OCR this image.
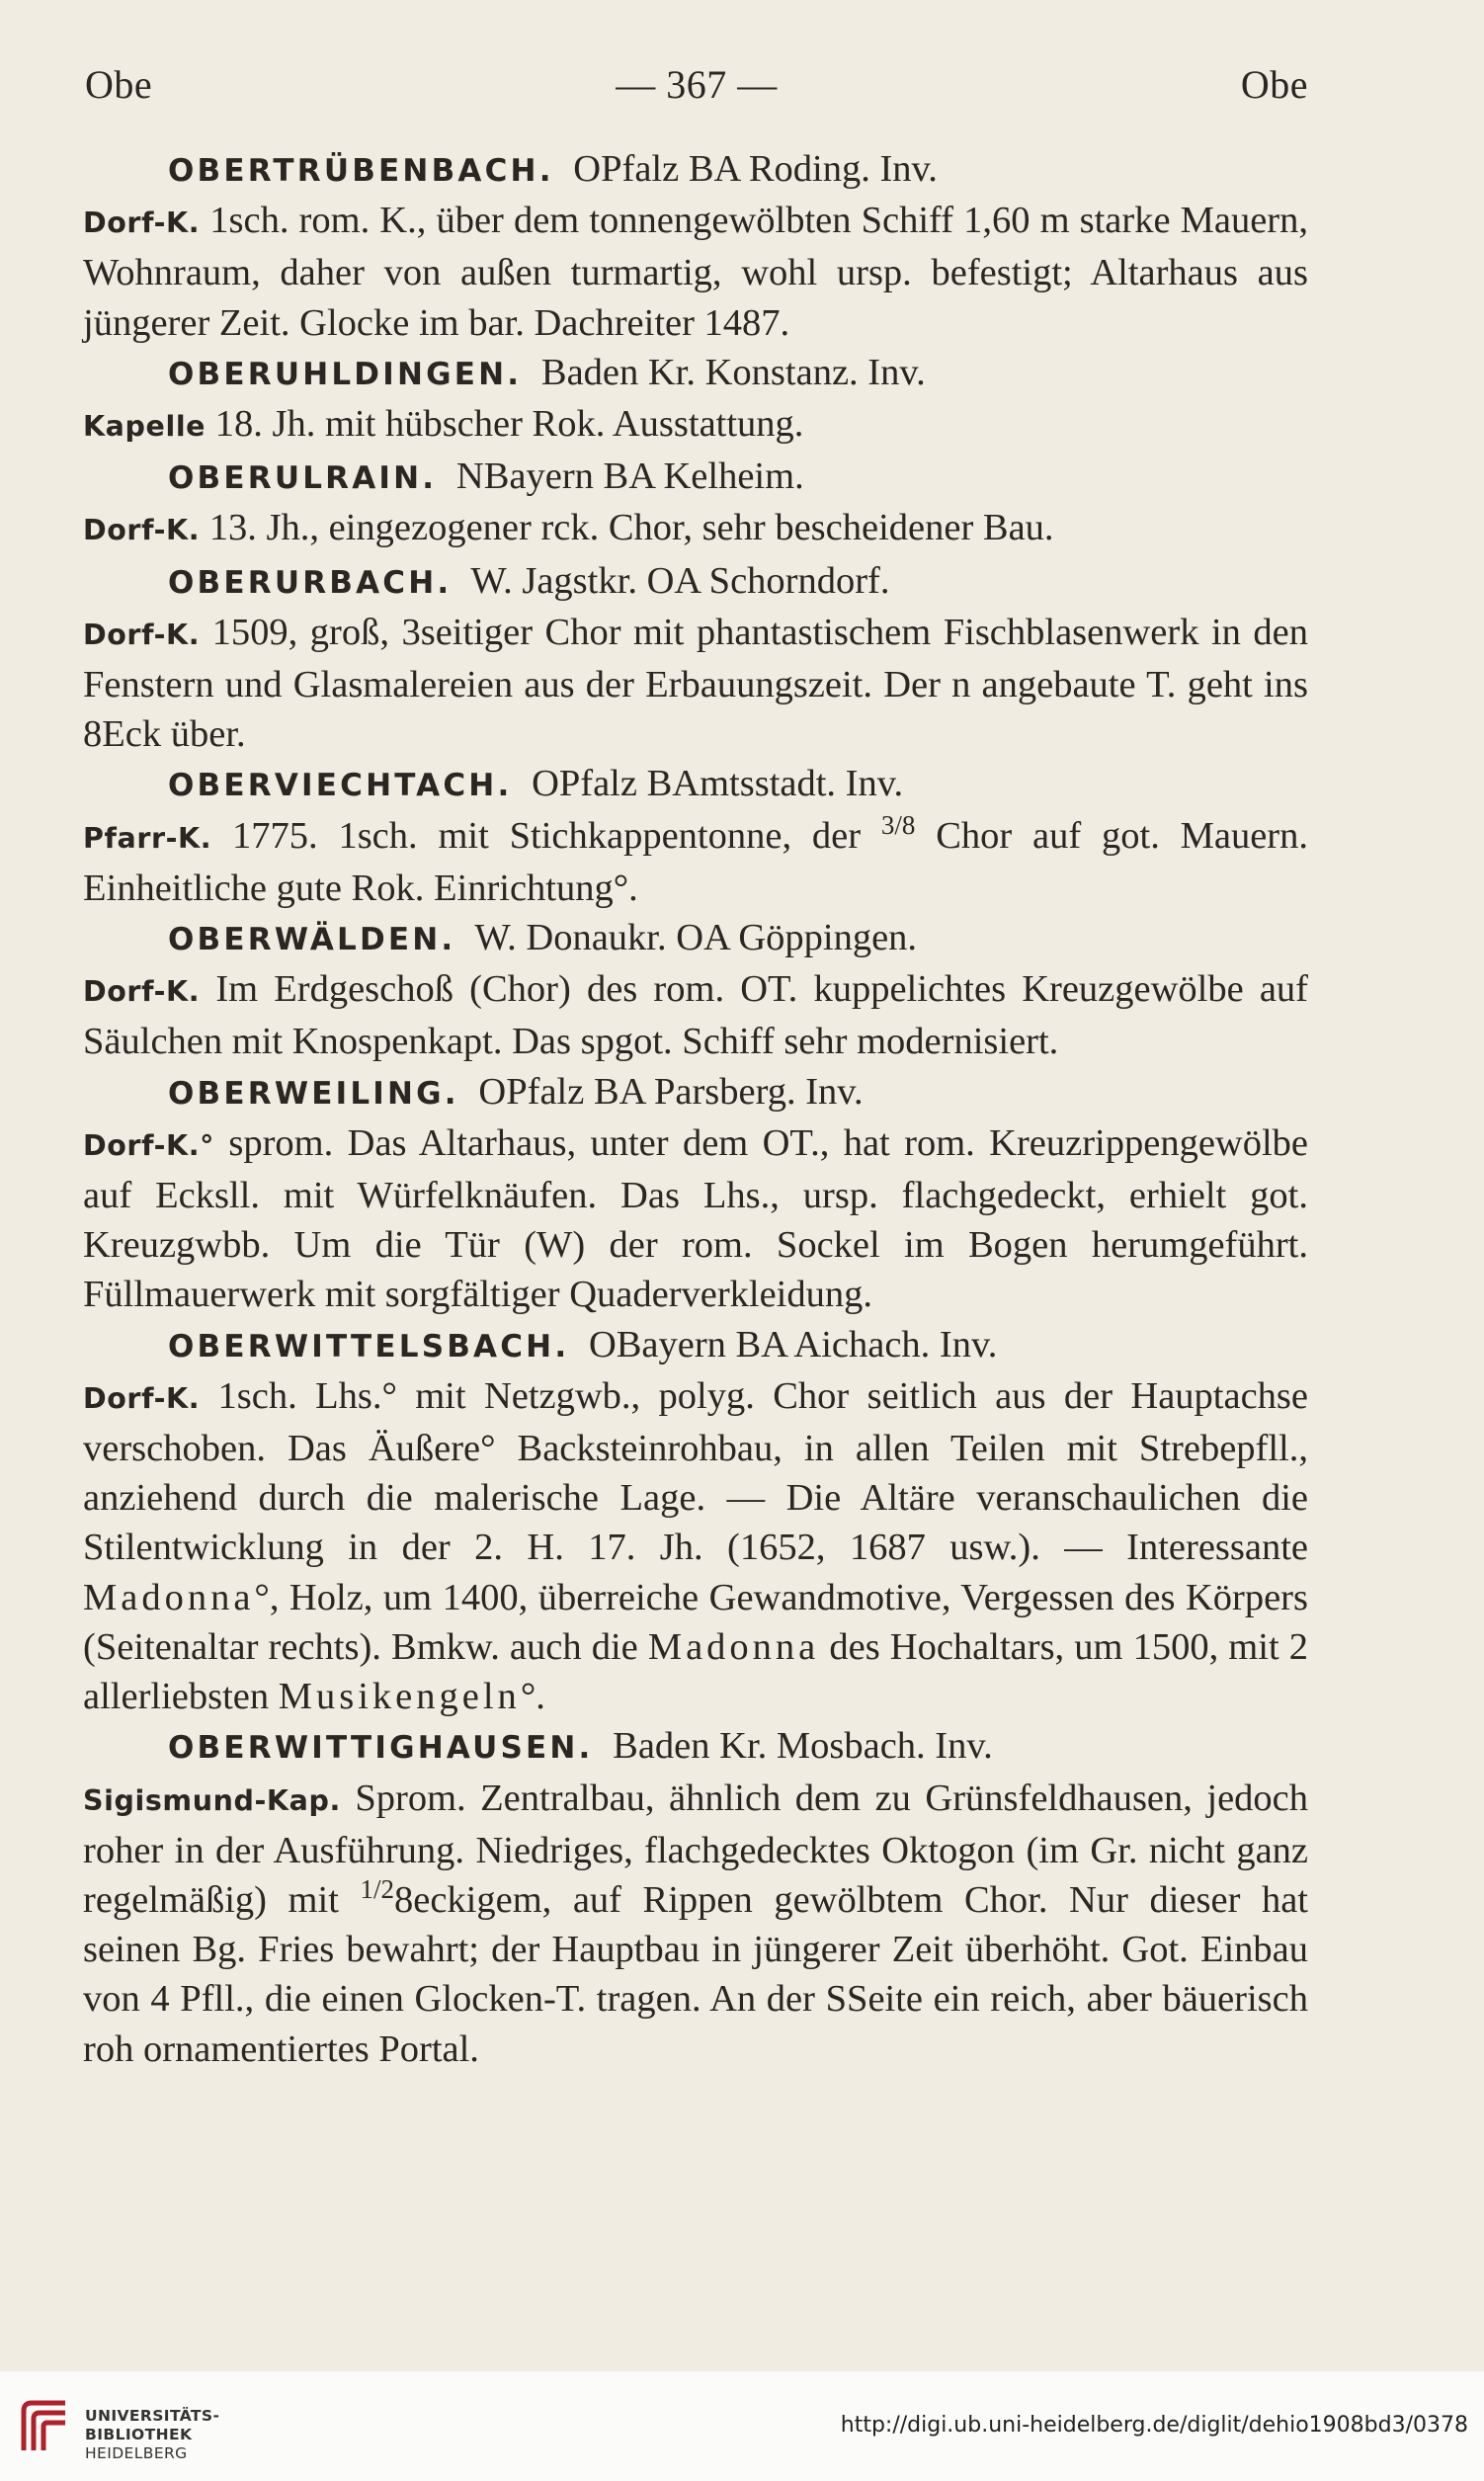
Obe	— 367 —	Obe

OBERTRÜBENBACH. OPfalz BA Roding. Inv.

Dorf-K. 1sch. rom. K., über dem tonnengewölbten Schiff 1,60 m starke Mauern, Wohnraum, daher von außen turmartig, wohl ursp. befestigt; Altarhaus aus jüngerer Zeit. Glocke im bar. Dachreiter 1487.

OBERUHLDINGEN. Baden Kr. Konstanz. Inv.

Kapelle 18. Jh. mit hübscher Rok. Ausstattung.

OBERULRAIN. NBayern BA Kelheim.

Dorf-K. 13. Jh., eingezogener rck. Chor, sehr bescheidener Bau.

OBERURBACH. W. Jagstkr. OA Schorndorf.

Dorf-K. 1509, groß, 3seitiger Chor mit phantastischem Fischblasenwerk in den Fenstern und Glasmalereien aus der Erbauungszeit. Der n angebaute T. geht ins 8Eck über.

OBERVIECHTACH. OPfalz BAmtsstadt. Inv.

Pfarr-K. 1775. 1sch. mit Stichkappentonne, der $^{3/8}$ Chor auf got. Mauern. Einheitliche gute Rok. Einrichtung°.

OBERWÄLDEN. W. Donaukr. OA Göppingen.

Dorf-K. Im Erdgeschoß (Chor) des rom. OT. kuppelichtes Kreuzgewölbe auf Säulchen mit Knospenkapt. Das spgot. Schiff sehr modernisiert.

OBERWEILING. OPfalz BA Parsberg. Inv.

Dorf-K.° sprom. Das Altarhaus, unter dem OT., hat rom. Kreuzrippengewölbe auf Ecksll. mit Würfelknäufen. Das Lhs., ursp. flachgedeckt, erhielt got. Kreuzgwbb. Um die Tür (W) der rom. Sockel im Bogen herumgeführt. Füllmauerwerk mit sorgfältiger Quaderverkleidung.

OBERWITTELSBACH. OBayern BA Aichach. Inv.

Dorf-K. 1sch. Lhs.° mit Netzgwb., polyg. Chor seitlich aus der Hauptachse verschoben. Das Äußere° Backsteinrohbau, in allen Teilen mit Strebepfll., anziehend durch die malerische Lage. — Die Altäre veranschaulichen die Stilentwicklung in der 2. H. 17. Jh. (1652, 1687 usw.). — Interessante Madonna°, Holz, um 1400, überreiche Gewandmotive, Vergessen des Körpers (Seitenaltar rechts). Bmkw. auch die Madonna des Hochaltars, um 1500, mit 2 allerliebsten Musikengeln°.

OBERWITTIGHAUSEN. Baden Kr. Mosbach. Inv.

Sigismund-Kap. Sprom. Zentralbau, ähnlich dem zu Grünsfeldhausen, jedoch roher in der Ausführung. Niedriges, flachgedecktes Oktogon (im Gr. nicht ganz regelmäßig) mit $^{1/2}$8eckigem, auf Rippen gewölbtem Chor. Nur dieser hat seinen Bg. Fries bewahrt; der Hauptbau in jüngerer Zeit überhöht. Got. Einbau von 4 Pfll., die einen Glocken-T. tragen. An der SSeite ein reich, aber bäuerisch roh ornamentiertes Portal.

UNIVERSITÄTS-
BIBLIOTHEK
HEIDELBERG
http://digi.ub.uni-heidelberg.de/diglit/dehio1908bd3/0378
